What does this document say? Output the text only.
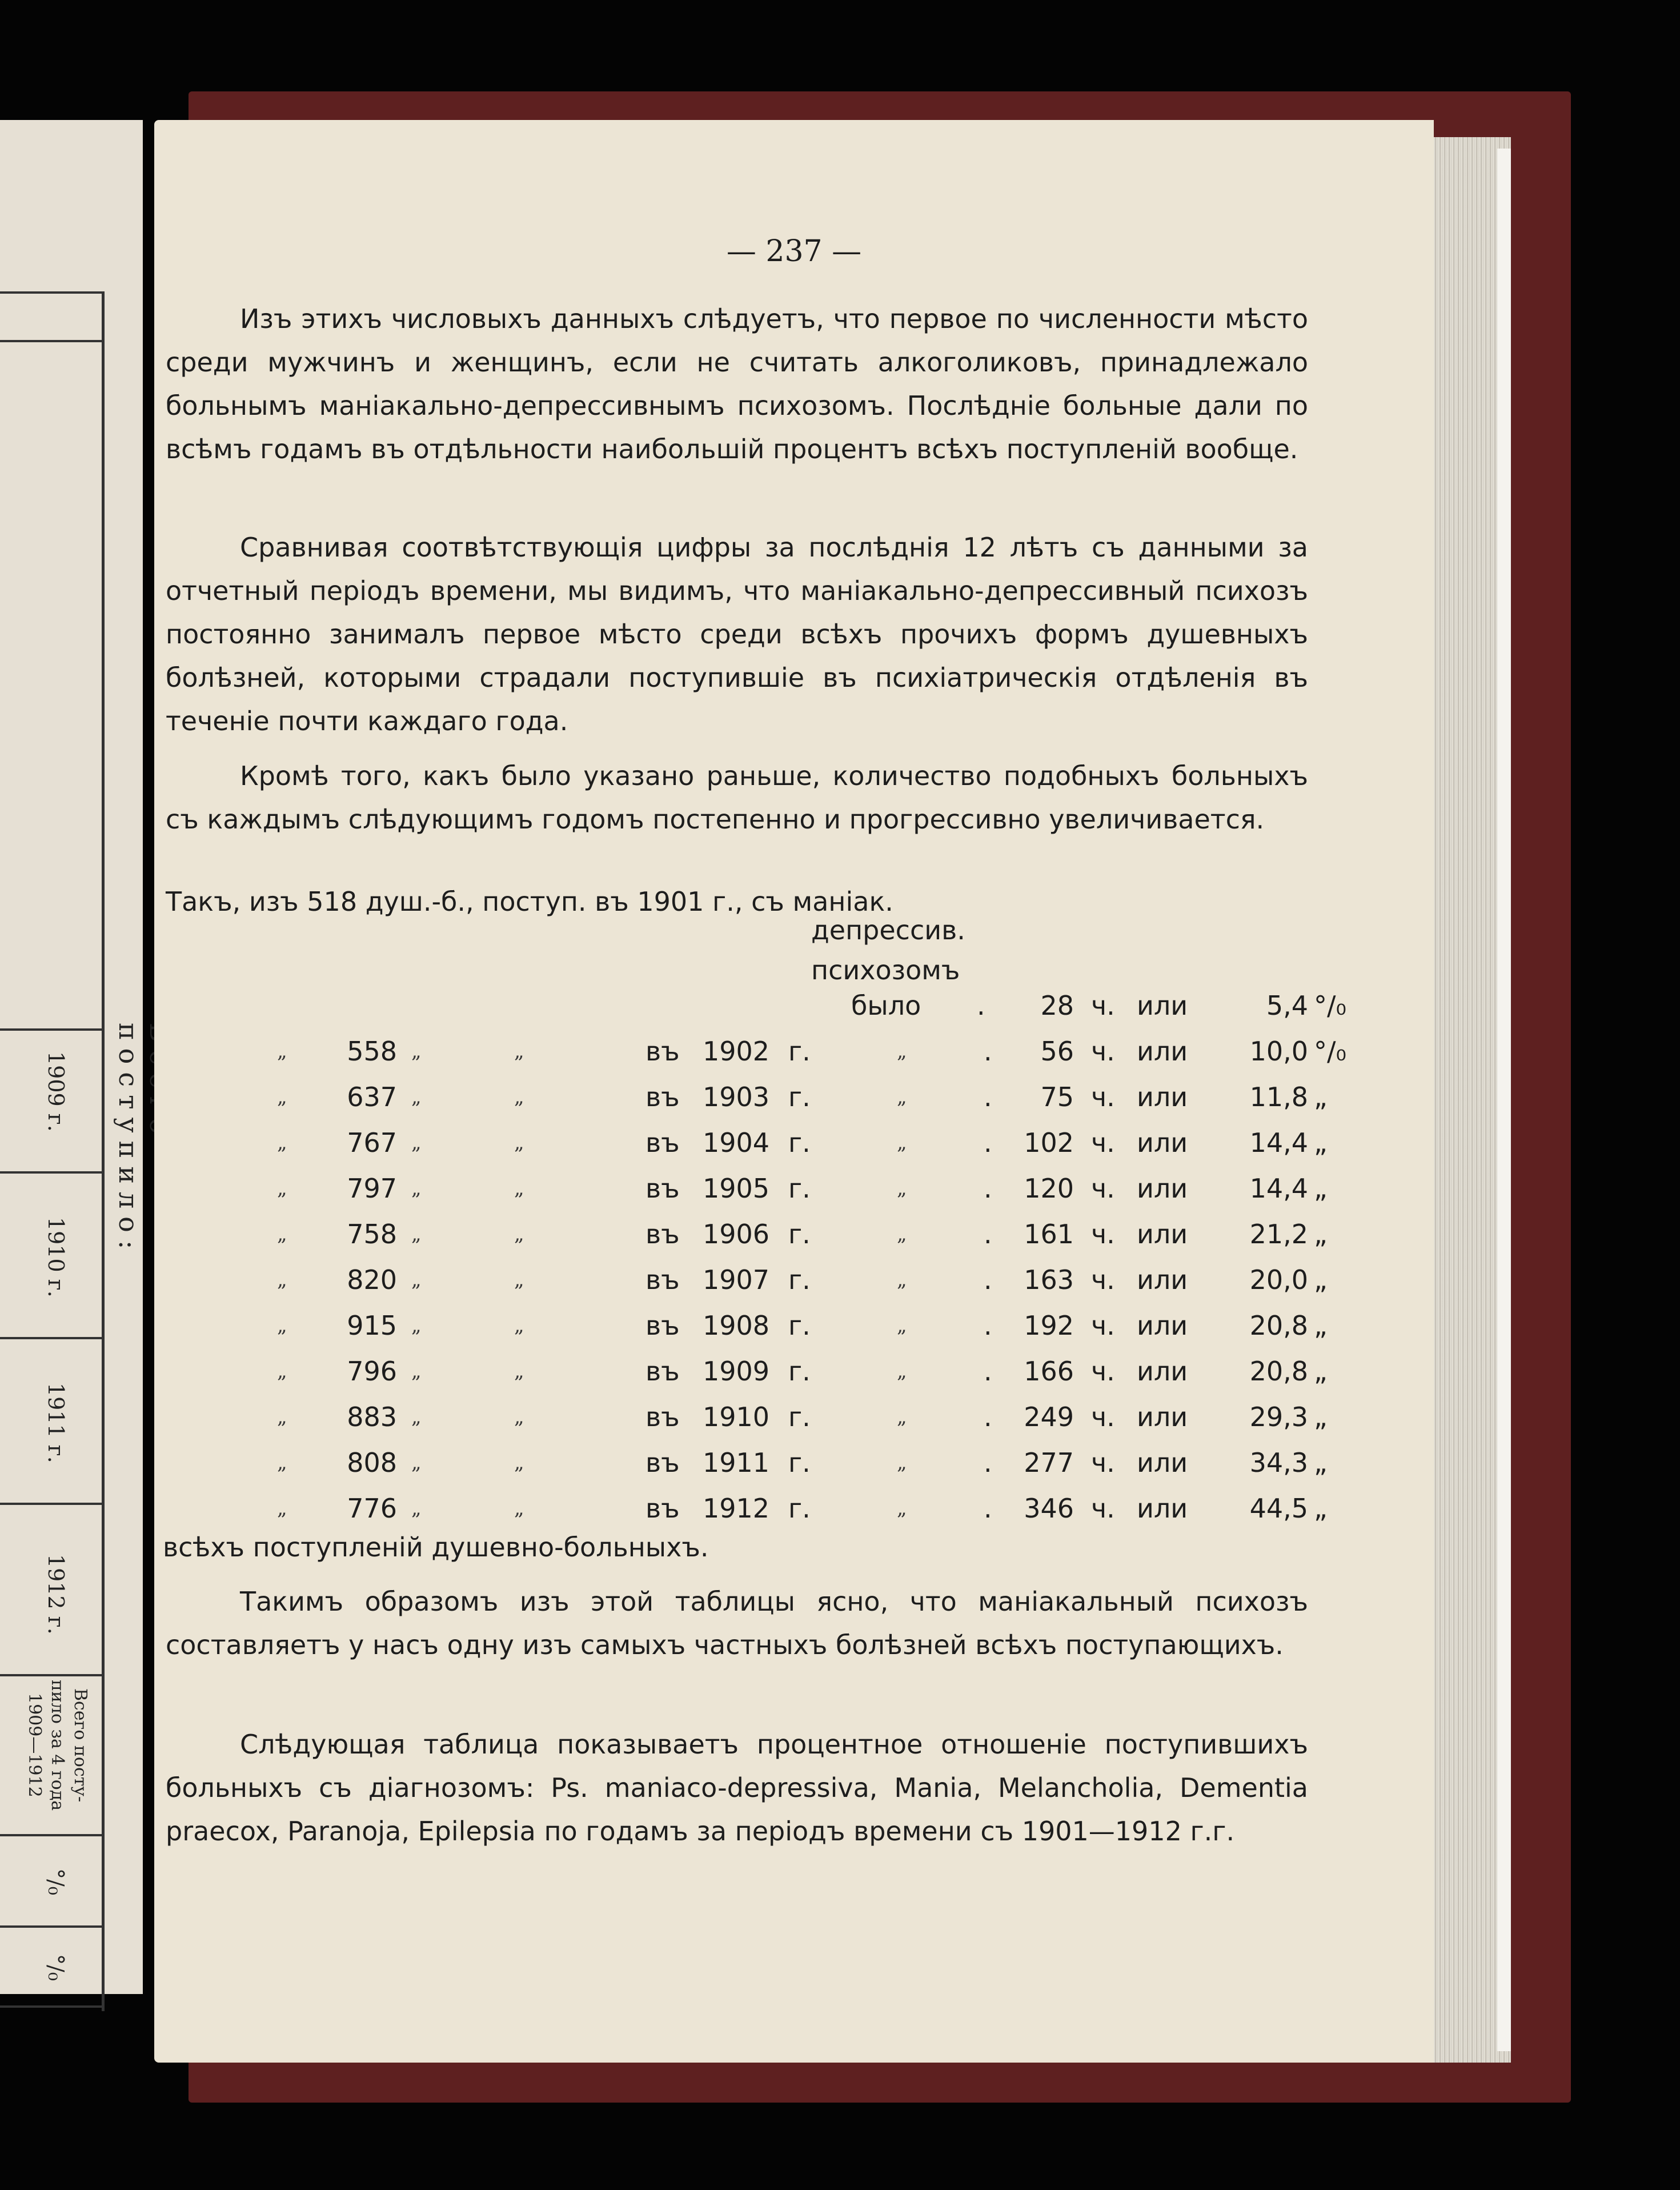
1909 г.
1910 г.
1911 г.
1912 г.
Всего посту-
пило за 4 года
1909—1912
°/₀
°/₀
поступило:
— 237 —

Изъ этихъ числовыхъ данныхъ слѣдуетъ, что первое по численности мѣсто среди мужчинъ и женщинъ, если не считать алкоголиковъ, принадлежало больнымъ маніакально-депрессивнымъ психозомъ. Послѣдніе больные дали по всѣмъ годамъ въ отдѣльности наибольшій процентъ всѣхъ поступленій вообще.

Сравнивая соотвѣтствующія цифры за послѣднія 12 лѣтъ съ данными за отчетный періодъ времени, мы видимъ, что маніакально-депрессивный психозъ постоянно занималъ первое мѣсто среди всѣхъ прочихъ формъ душевныхъ болѣзней, которыми страдали поступившіе въ психіатрическія отдѣленія въ теченіе почти каждаго года.

Кромѣ того, какъ было указано раньше, количество подобныхъ больныхъ съ каждымъ слѣдующимъ годомъ постепенно и прогрессивно увеличивается.

Такъ, изъ 518 душ.-б., поступ. въ 1901 г., съ маніак.
депрессив.
психозомъ
было .	28 ч. или	5,4 °/₀
„	558 „	„	въ 1902 г.	„	.	56 ч. или	10,0 °/₀
„	637 „	„	въ 1903 г.	„	.	75 ч. или	11,8 „
„	767 „	„	въ 1904 г.	„	.	102 ч. или	14,4 „
„	797 „	„	въ 1905 г.	„	.	120 ч. или	14,4 „
„	758 „	„	въ 1906 г.	„	.	161 ч. или	21,2 „
„	820 „	„	въ 1907 г.	„	.	163 ч. или	20,0 „
„	915 „	„	въ 1908 г.	„	.	192 ч. или	20,8 „
„	796 „	„	въ 1909 г.	„	.	166 ч. или	20,8 „
„	883 „	„	въ 1910 г.	„	.	249 ч. или	29,3 „
„	808 „	„	въ 1911 г.	„	.	277 ч. или	34,3 „
„	776 „	„	въ 1912 г.	„	.	346 ч. или	44,5 „

всѣхъ поступленій душевно-больныхъ.

Такимъ образомъ изъ этой таблицы ясно, что маніакальный психозъ составляетъ у насъ одну изъ самыхъ частныхъ болѣзней всѣхъ поступающихъ.

Слѣдующая таблица показываетъ процентное отношеніе поступившихъ больныхъ съ діагнозомъ: Ps. maniaco-depressiva, Mania, Melancholia, Dementia praecox, Paranoja, Epilepsia по годамъ за періодъ времени съ 1901—1912 г.г.
